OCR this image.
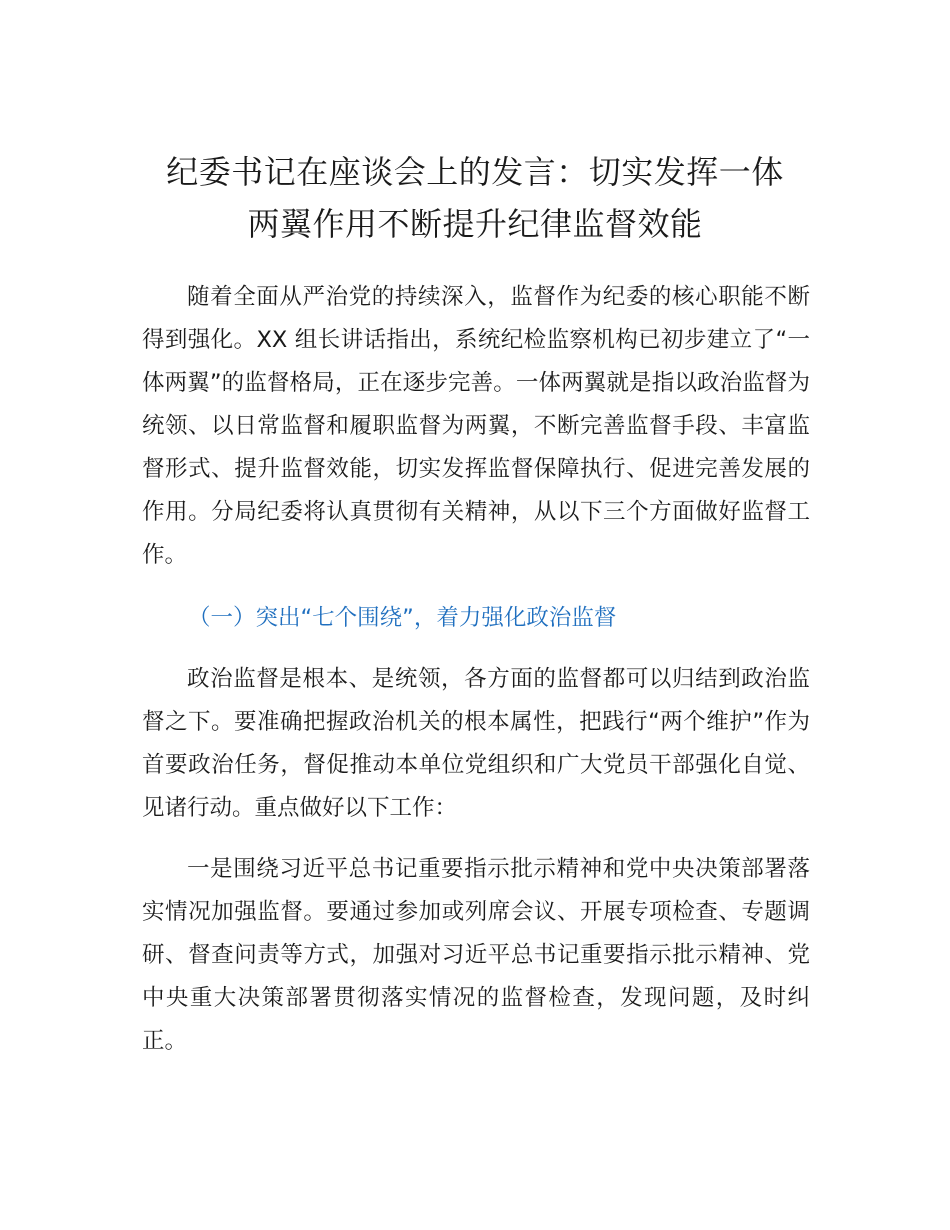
纪委书记在座谈会上的发言：切实发挥一体
两翼作用不断提升纪律监督效能

随着全面从严治党的持续深入，监督作为纪委的核心职能不断得到强化。XX 组长讲话指出，系统纪检监察机构已初步建立了“一体两翼”的监督格局，正在逐步完善。一体两翼就是指以政治监督为统领、以日常监督和履职监督为两翼，不断完善监督手段、丰富监督形式、提升监督效能，切实发挥监督保障执行、促进完善发展的作用。分局纪委将认真贯彻有关精神，从以下三个方面做好监督工作。

（一）突出“七个围绕”，着力强化政治监督

政治监督是根本、是统领，各方面的监督都可以归结到政治监督之下。要准确把握政治机关的根本属性，把践行“两个维护”作为首要政治任务，督促推动本单位党组织和广大党员干部强化自觉、见诸行动。重点做好以下工作：

一是围绕习近平总书记重要指示批示精神和党中央决策部署落实情况加强监督。要通过参加或列席会议、开展专项检查、专题调研、督查问责等方式，加强对习近平总书记重要指示批示精神、党中央重大决策部署贯彻落实情况的监督检查，发现问题，及时纠正。
